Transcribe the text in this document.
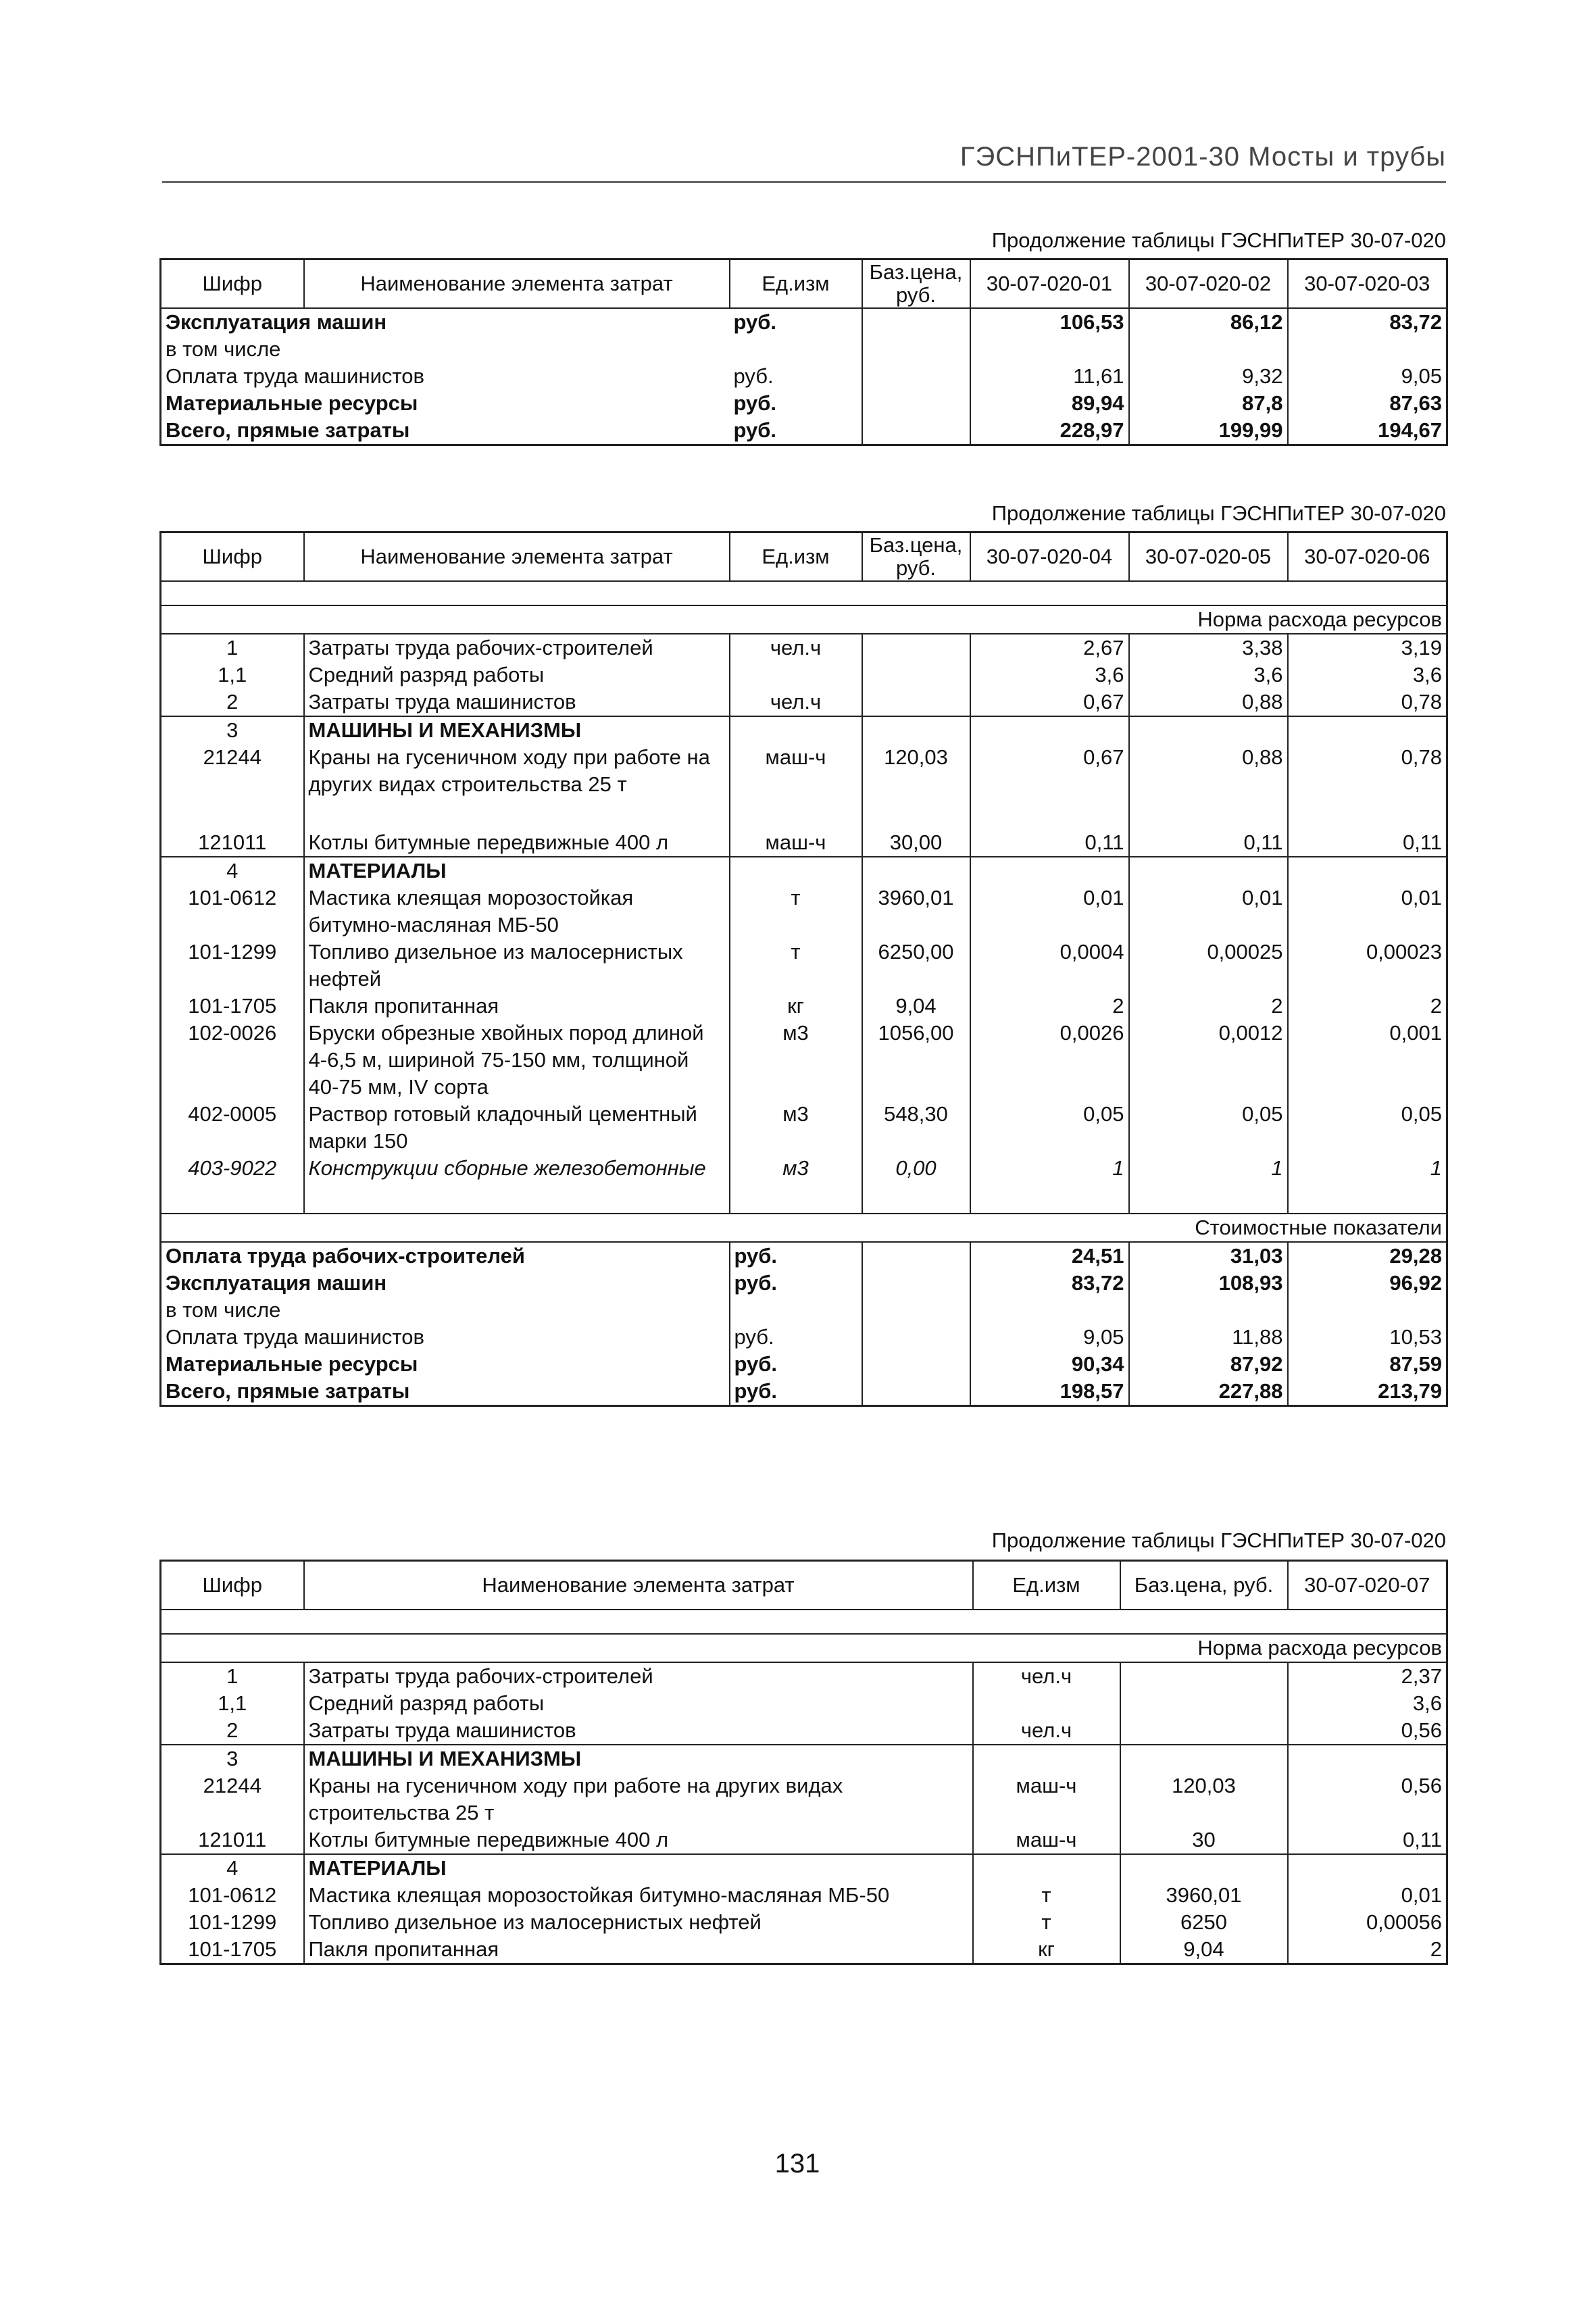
ГЭСНПиТЕР-2001-30 Мосты и трубы
Продолжение таблицы ГЭСНПиТЕР 30-07-020
Шифр	Наименование элемента затрат	Ед.изм	Баз.цена, руб.	30-07-020-01	30-07-020-02	30-07-020-03
Эксплуатация машин		руб.		106,53	86,12	83,72
в том числе						
Оплата труда машинистов		руб.		11,61	9,32	9,05
Материальные ресурсы		руб.		89,94	87,8	87,63
Всего, прямые затраты		руб.		228,97	199,99	194,67
Продолжение таблицы ГЭСНПиТЕР 30-07-020
Шифр	Наименование элемента затрат	Ед.изм	Баз.цена, руб.	30-07-020-04	30-07-020-05	30-07-020-06

Норма расхода ресурсов						
1	Затраты труда рабочих-строителей	чел.ч		2,67	3,38	3,19
1,1	Средний разряд работы			3,6	3,6	3,6
2	Затраты труда машинистов	чел.ч		0,67	0,88	0,78
3	МАШИНЫ И МЕХАНИЗМЫ					
21244	Краны на гусеничном ходу при работе на других видах строительства 25 т	маш-ч	120,03	0,67	0,88	0,78

121011	Котлы битумные передвижные 400 л	маш-ч	30,00	0,11	0,11	0,11
4	МАТЕРИАЛЫ					
101-0612	Мастика клеящая морозостойкая битумно-масляная МБ-50	т	3960,01	0,01	0,01	0,01
101-1299	Топливо дизельное из малосернистых нефтей	т	6250,00	0,0004	0,00025	0,00023
101-1705	Пакля пропитанная	кг	9,04	2	2	2
102-0026	Бруски обрезные хвойных пород длиной 4-6,5 м, шириной 75-150 мм, толщиной 40-75 мм, IV сорта	м3	1056,00	0,0026	0,0012	0,001
402-0005	Раствор готовый кладочный цементный марки 150	м3	548,30	0,05	0,05	0,05
403-9022	Конструкции сборные железобетонные	м3	0,00	1	1	1

Стоимостные показатели						
Оплата труда рабочих-строителей		руб.		24,51	31,03	29,28
Эксплуатация машин		руб.		83,72	108,93	96,92
в том числе						
Оплата труда машинистов		руб.		9,05	11,88	10,53
Материальные ресурсы		руб.		90,34	87,92	87,59
Всего, прямые затраты		руб.		198,57	227,88	213,79
Продолжение таблицы ГЭСНПиТЕР 30-07-020
Шифр	Наименование элемента затрат	Ед.изм	Баз.цена, руб.	30-07-020-07

Норма расхода ресурсов				
1	Затраты труда рабочих-строителей	чел.ч		2,37
1,1	Средний разряд работы			3,6
2	Затраты труда машинистов	чел.ч		0,56
3	МАШИНЫ И МЕХАНИЗМЫ			
21244	Краны на гусеничном ходу при работе на других видах строительства 25 т	маш-ч	120,03	0,56
121011	Котлы битумные передвижные 400 л	маш-ч	30	0,11
4	МАТЕРИАЛЫ			
101-0612	Мастика клеящая морозостойкая битумно-масляная МБ-50	т	3960,01	0,01
101-1299	Топливо дизельное из малосернистых нефтей	т	6250	0,00056
101-1705	Пакля пропитанная	кг	9,04	2
131
